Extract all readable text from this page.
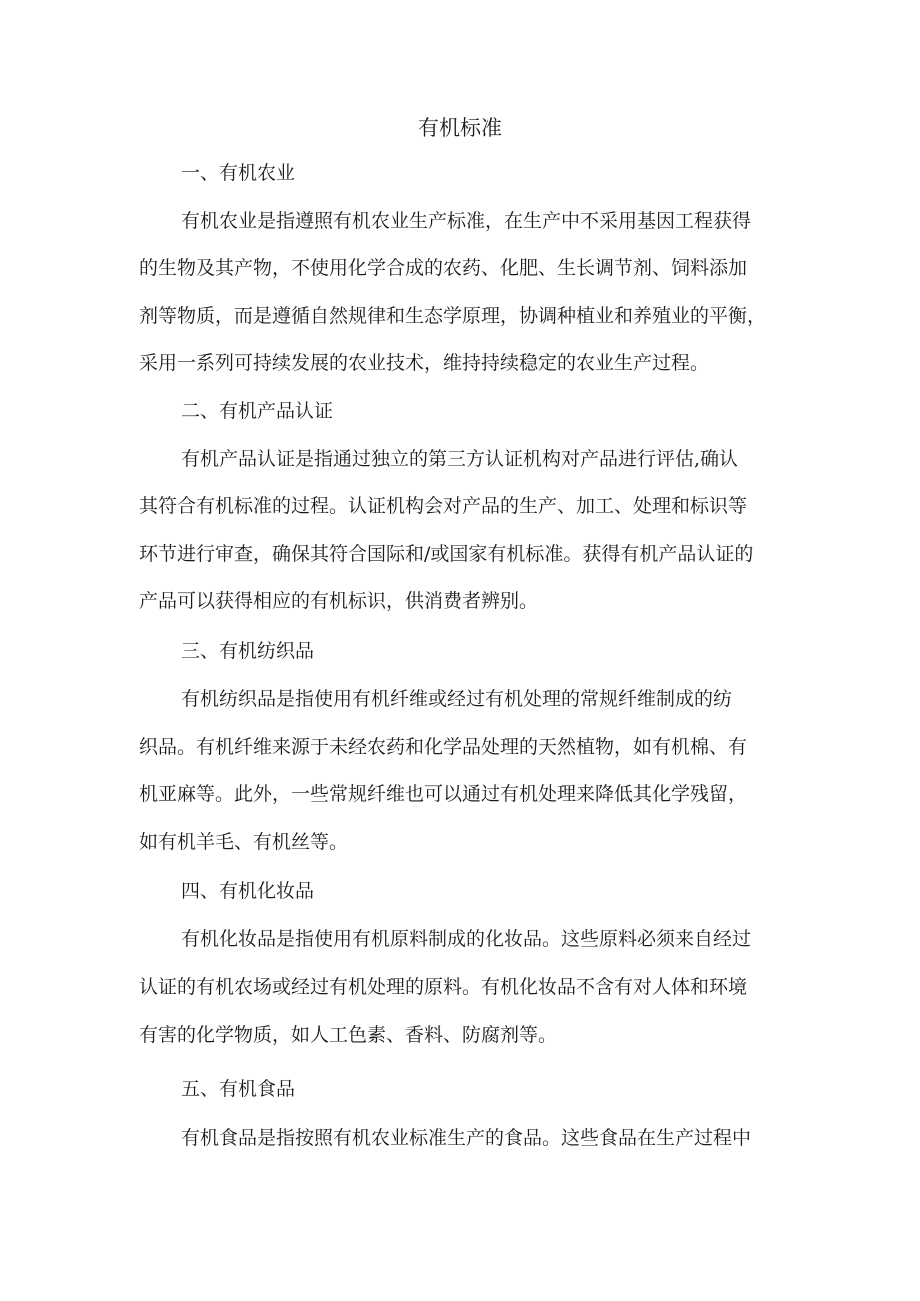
有机标准
一、有机农业
有机农业是指遵照有机农业生产标准，在生产中不采用基因工程获得
的生物及其产物，不使用化学合成的农药、化肥、生长调节剂、饲料添加
剂等物质，而是遵循自然规律和生态学原理，协调种植业和养殖业的平衡，
采用一系列可持续发展的农业技术，维持持续稳定的农业生产过程。
二、有机产品认证
有机产品认证是指通过独立的第三方认证机构对产品进行评估,确认
其符合有机标准的过程。认证机构会对产品的生产、加工、处理和标识等
环节进行审查，确保其符合国际和/或国家有机标准。获得有机产品认证的
产品可以获得相应的有机标识，供消费者辨别。
三、有机纺织品
有机纺织品是指使用有机纤维或经过有机处理的常规纤维制成的纺
织品。有机纤维来源于未经农药和化学品处理的天然植物，如有机棉、有
机亚麻等。此外，一些常规纤维也可以通过有机处理来降低其化学残留，
如有机羊毛、有机丝等。
四、有机化妆品
有机化妆品是指使用有机原料制成的化妆品。这些原料必须来自经过
认证的有机农场或经过有机处理的原料。有机化妆品不含有对人体和环境
有害的化学物质，如人工色素、香料、防腐剂等。
五、有机食品
有机食品是指按照有机农业标准生产的食品。这些食品在生产过程中
